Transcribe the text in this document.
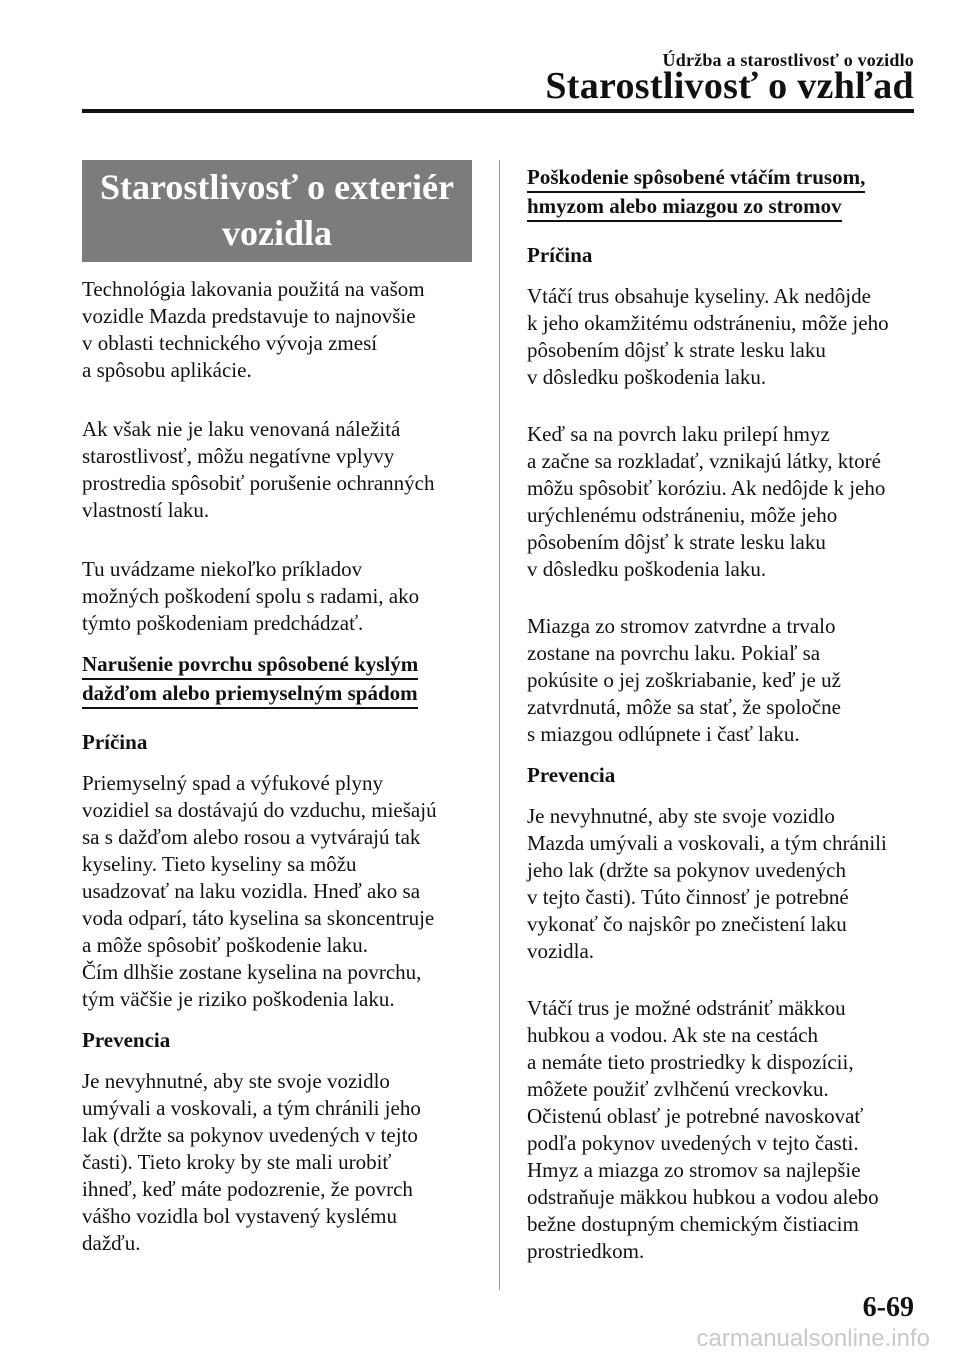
Údržba a starostlivosť o vozidlo
Starostlivosť o vzhľad
Starostlivosť o exteriér
vozidla

Technológia lakovania použitá na vašom
vozidle Mazda predstavuje to najnovšie
v oblasti technického vývoja zmesí
a spôsobu aplikácie.

Ak však nie je laku venovaná náležitá
starostlivosť, môžu negatívne vplyvy
prostredia spôsobiť porušenie ochranných
vlastností laku.

Tu uvádzame niekoľko príkladov
možných poškodení spolu s radami, ako
týmto poškodeniam predchádzať.

Narušenie povrchu spôsobené kyslým
dažďom alebo priemyselným spádom
Príčina

Priemyselný spad a výfukové plyny
vozidiel sa dostávajú do vzduchu, miešajú
sa s dažďom alebo rosou a vytvárajú tak
kyseliny. Tieto kyseliny sa môžu
usadzovať na laku vozidla. Hneď ako sa
voda odparí, táto kyselina sa skoncentruje
a môže spôsobiť poškodenie laku.
Čím dlhšie zostane kyselina na povrchu,
tým väčšie je riziko poškodenia laku.

Prevencia

Je nevyhnutné, aby ste svoje vozidlo
umývali a voskovali, a tým chránili jeho
lak (držte sa pokynov uvedených v tejto
časti). Tieto kroky by ste mali urobiť
ihneď, keď máte podozrenie, že povrch
vášho vozidla bol vystavený kyslému
dažďu.

Poškodenie spôsobené vtáčím trusom,
hmyzom alebo miazgou zo stromov
Príčina

Vtáčí trus obsahuje kyseliny. Ak nedôjde
k jeho okamžitému odstráneniu, môže jeho
pôsobením dôjsť k strate lesku laku
v dôsledku poškodenia laku.

Keď sa na povrch laku prilepí hmyz
a začne sa rozkladať, vznikajú látky, ktoré
môžu spôsobiť koróziu. Ak nedôjde k jeho
urýchlenému odstráneniu, môže jeho
pôsobením dôjsť k strate lesku laku
v dôsledku poškodenia laku.

Miazga zo stromov zatvrdne a trvalo
zostane na povrchu laku. Pokiaľ sa
pokúsite o jej zoškriabanie, keď je už
zatvrdnutá, môže sa stať, že spoločne
s miazgou odlúpnete i časť laku.

Prevencia

Je nevyhnutné, aby ste svoje vozidlo
Mazda umývali a voskovali, a tým chránili
jeho lak (držte sa pokynov uvedených
v tejto časti). Túto činnosť je potrebné
vykonať čo najskôr po znečistení laku
vozidla.

Vtáčí trus je možné odstrániť mäkkou
hubkou a vodou. Ak ste na cestách
a nemáte tieto prostriedky k dispozícii,
môžete použiť zvlhčenú vreckovku.
Očistenú oblasť je potrebné navoskovať
podľa pokynov uvedených v tejto časti.
Hmyz a miazga zo stromov sa najlepšie
odstraňuje mäkkou hubkou a vodou alebo
bežne dostupným chemickým čistiacim
prostriedkom.

6-69
carmanualsonline.info
